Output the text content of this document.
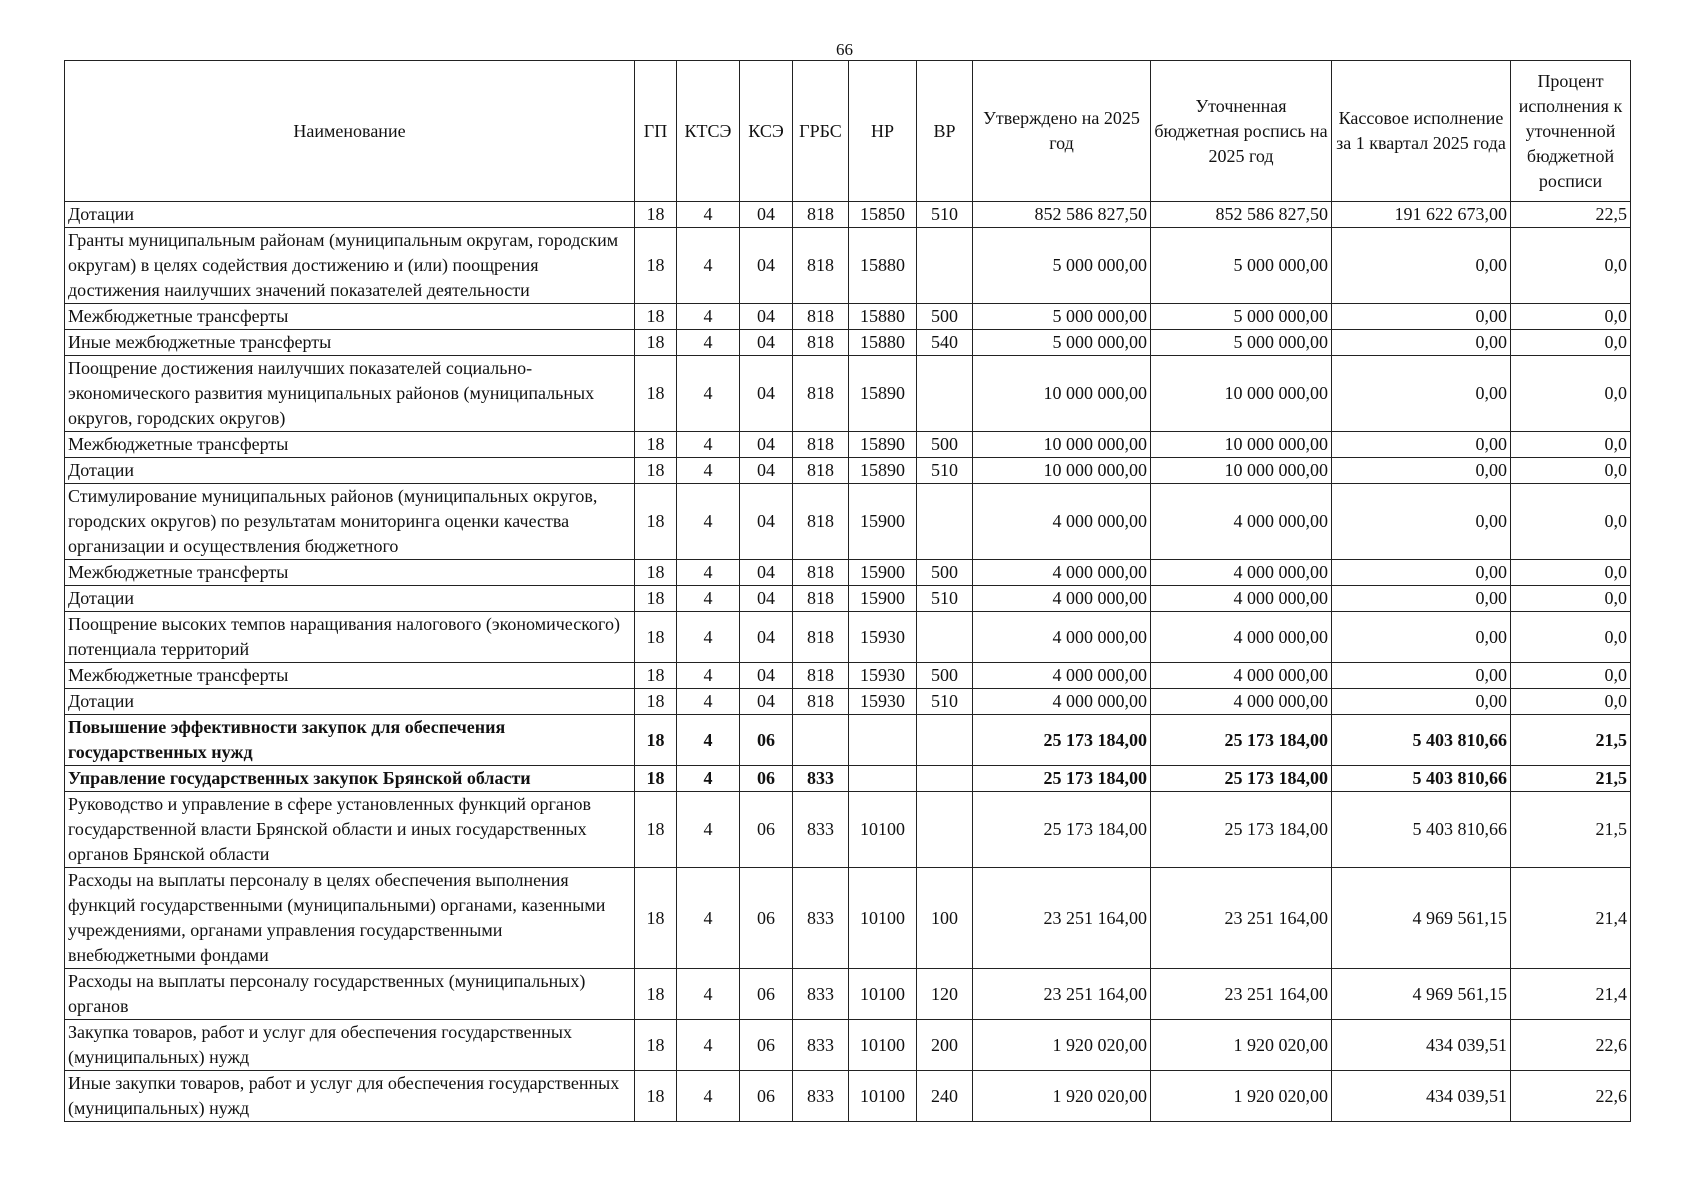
66
Наименование	ГП	КТСЭ	КСЭ	ГРБС	НР	ВР	Утверждено на 2025 год	Уточненная бюджетная роспись на 2025 год	Кассовое исполнение за 1 квартал 2025 года	Процент исполнения к уточненной бюджетной росписи
Дотации	18	4	04	818	15850	510	852 586 827,50	852 586 827,50	191 622 673,00	22,5
Гранты муниципальным районам (муниципальным округам, городским округам) в целях содействия достижению и (или) поощрения достижения наилучших значений показателей деятельности	18	4	04	818	15880		5 000 000,00	5 000 000,00	0,00	0,0
Межбюджетные трансферты	18	4	04	818	15880	500	5 000 000,00	5 000 000,00	0,00	0,0
Иные межбюджетные трансферты	18	4	04	818	15880	540	5 000 000,00	5 000 000,00	0,00	0,0
Поощрение достижения наилучших показателей социально-экономического развития муниципальных районов (муниципальных округов, городских округов)	18	4	04	818	15890		10 000 000,00	10 000 000,00	0,00	0,0
Межбюджетные трансферты	18	4	04	818	15890	500	10 000 000,00	10 000 000,00	0,00	0,0
Дотации	18	4	04	818	15890	510	10 000 000,00	10 000 000,00	0,00	0,0
Стимулирование муниципальных районов (муниципальных округов, городских округов) по результатам мониторинга оценки качества организации и осуществления бюджетного	18	4	04	818	15900		4 000 000,00	4 000 000,00	0,00	0,0
Межбюджетные трансферты	18	4	04	818	15900	500	4 000 000,00	4 000 000,00	0,00	0,0
Дотации	18	4	04	818	15900	510	4 000 000,00	4 000 000,00	0,00	0,0
Поощрение высоких темпов наращивания налогового (экономического) потенциала территорий	18	4	04	818	15930		4 000 000,00	4 000 000,00	0,00	0,0
Межбюджетные трансферты	18	4	04	818	15930	500	4 000 000,00	4 000 000,00	0,00	0,0
Дотации	18	4	04	818	15930	510	4 000 000,00	4 000 000,00	0,00	0,0
Повышение эффективности закупок для обеспечения государственных нужд	18	4	06				25 173 184,00	25 173 184,00	5 403 810,66	21,5
Управление государственных закупок Брянской области	18	4	06	833			25 173 184,00	25 173 184,00	5 403 810,66	21,5
Руководство и управление в сфере установленных функций органов государственной власти Брянской области и иных государственных органов Брянской области	18	4	06	833	10100		25 173 184,00	25 173 184,00	5 403 810,66	21,5
Расходы на выплаты персоналу в целях обеспечения выполнения функций государственными (муниципальными) органами, казенными учреждениями, органами управления государственными внебюджетными фондами	18	4	06	833	10100	100	23 251 164,00	23 251 164,00	4 969 561,15	21,4
Расходы на выплаты персоналу государственных (муниципальных) органов	18	4	06	833	10100	120	23 251 164,00	23 251 164,00	4 969 561,15	21,4
Закупка товаров, работ и услуг для обеспечения государственных (муниципальных) нужд	18	4	06	833	10100	200	1 920 020,00	1 920 020,00	434 039,51	22,6
Иные закупки товаров, работ и услуг для обеспечения государственных (муниципальных) нужд	18	4	06	833	10100	240	1 920 020,00	1 920 020,00	434 039,51	22,6
